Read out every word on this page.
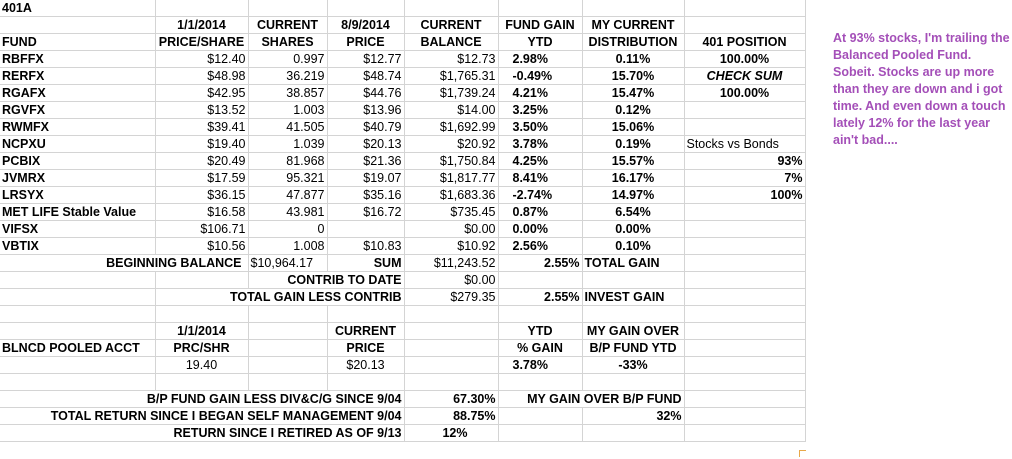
401A							
	1/1/2014	CURRENT	8/9/2014	CURRENT	FUND GAIN	MY CURRENT	
FUND	PRICE/SHARE	SHARES	PRICE	BALANCE	YTD	DISTRIBUTION	401 POSITION
RBFFX	$12.40	0.997	$12.77	$12.73	2.98%	0.11%	100.00%
RERFX	$48.98	36.219	$48.74	$1,765.31	-0.49%	15.70%	CHECK SUM
RGAFX	$42.95	38.857	$44.76	$1,739.24	4.21%	15.47%	100.00%
RGVFX	$13.52	1.003	$13.96	$14.00	3.25%	0.12%	
RWMFX	$39.41	41.505	$40.79	$1,692.99	3.50%	15.06%	
NCPXU	$19.40	1.039	$20.13	$20.92	3.78%	0.19%	Stocks vs Bonds
PCBIX	$20.49	81.968	$21.36	$1,750.84	4.25%	15.57%	93%
JVMRX	$17.59	95.321	$19.07	$1,817.77	8.41%	16.17%	7%
LRSYX	$36.15	47.877	$35.16	$1,683.36	-2.74%	14.97%	100%
MET LIFE Stable Value	$16.58	43.981	$16.72	$735.45	0.87%	6.54%	
VIFSX	$106.71	0		$0.00	0.00%	0.00%	
VBTIX	$10.56	1.008	$10.83	$10.92	2.56%	0.10%	
BEGINNING BALANCE		$10,964.17	SUM	$11,243.52	2.55%	TOTAL GAIN	
		CONTRIB TO DATE		$0.00			
	TOTAL GAIN LESS CONTRIB			$279.35	2.55%	INVEST GAIN	

	1/1/2014		CURRENT		YTD	MY GAIN OVER	
BLNCD POOLED ACCT	PRC/SHR		PRICE		% GAIN	B/P FUND YTD	
	19.40		$20.13		3.78%	-33%	

B/P FUND GAIN LESS DIV&C/G SINCE 9/04				67.30%	MY GAIN OVER B/P FUND		
TOTAL RETURN SINCE I BEGAN SELF MANAGEMENT 9/04				88.75%		32%	
RETURN SINCE I RETIRED AS OF 9/13				12%			
At 93% stocks, I'm trailing the Balanced Pooled Fund. Sobeit. Stocks are up more than they are down and i got time. And even down a touch lately 12% for the last year ain't bad....
